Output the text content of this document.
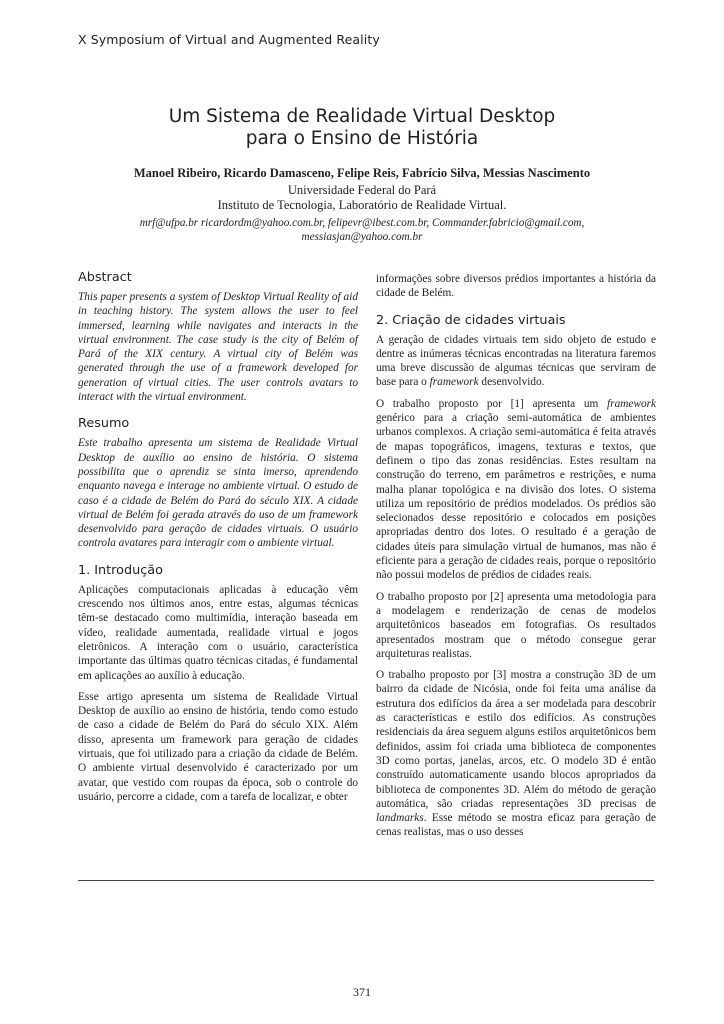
X Symposium of Virtual and Augmented Reality
Um Sistema de Realidade Virtual Desktop
para o Ensino de História
Manoel Ribeiro, Ricardo Damasceno, Felipe Reis, Fabrício Silva, Messias Nascimento
Universidade Federal do Pará
Instituto de Tecnologia, Laboratório de Realidade Virtual.
mrf@ufpa.br ricardordm@yahoo.com.br, felipevr@ibest.com.br, Commander.fabricio@gmail.com, messiasjan@yahoo.com.br
Abstract

This paper presents a system of Desktop Virtual Reality of aid in teaching history. The system allows the user to feel immersed, learning while navigates and interacts in the virtual environment. The case study is the city of Belém of Pará of the XIX century. A virtual city of Belém was generated through the use of a framework developed for generation of virtual cities. The user controls avatars to interact with the virtual environment.

Resumo

Este trabalho apresenta um sistema de Realidade Virtual Desktop de auxílio ao ensino de história. O sistema possibilita que o aprendiz se sinta imerso, aprendendo enquanto navega e interage no ambiente virtual. O estudo de caso é a cidade de Belém do Pará do século XIX. A cidade virtual de Belém foi gerada através do uso de um framework desenvolvido para geração de cidades virtuais. O usuário controla avatares para interagir com o ambiente virtual.

1. Introdução

Aplicações computacionais aplicadas à educação vêm crescendo nos últimos anos, entre estas, algumas técnicas têm-se destacado como multimídia, interação baseada em vídeo, realidade aumentada, realidade virtual e jogos eletrônicos. A interação com o usuário, característica importante das últimas quatro técnicas citadas, é fundamental em aplicações ao auxílio à educação.

Esse artigo apresenta um sistema de Realidade Virtual Desktop de auxílio ao ensino de história, tendo como estudo de caso a cidade de Belém do Pará do século XIX. Além disso, apresenta um framework para geração de cidades virtuais, que foi utilizado para a criação da cidade de Belém. O ambiente virtual desenvolvido é caracterizado por um avatar, que vestido com roupas da época, sob o controle do usuário, percorre a cidade, com a tarefa de localizar, e obter

informações sobre diversos prédios importantes a história da cidade de Belém.

2. Criação de cidades virtuais

A geração de cidades virtuais tem sido objeto de estudo e dentre as inúmeras técnicas encontradas na literatura faremos uma breve discussão de algumas técnicas que serviram de base para o framework desenvolvido.

O trabalho proposto por [1] apresenta um framework genérico para a criação semi-automática de ambientes urbanos complexos. A criação semi-automática é feita através de mapas topográficos, imagens, texturas e textos, que definem o tipo das zonas residências. Estes resultam na construção do terreno, em parâmetros e restrições, e numa malha planar topológica e na divisão dos lotes. O sistema utiliza um repositório de prédios modelados. Os prédios são selecionados desse repositório e colocados em posições apropriadas dentro dos lotes. O resultado é a geração de cidades úteis para simulação virtual de humanos, mas não é eficiente para a geração de cidades reais, porque o repositório não possui modelos de prédios de cidades reais.

O trabalho proposto por [2] apresenta uma metodologia para a modelagem e renderização de cenas de modelos arquitetônicos baseados em fotografias. Os resultados apresentados mostram que o método consegue gerar arquiteturas realistas.

O trabalho proposto por [3] mostra a construção 3D de um bairro da cidade de Nicósia, onde foi feita uma análise da estrutura dos edifícios da área a ser modelada para descobrir as características e estilo dos edifícios. As construções residenciais da área seguem alguns estilos arquitetônicos bem definidos, assim foi criada uma biblioteca de componentes 3D como portas, janelas, arcos, etc. O modelo 3D é então construído automaticamente usando blocos apropriados da biblioteca de componentes 3D. Além do método de geração automática, são criadas representações 3D precisas de landmarks. Esse método se mostra eficaz para geração de cenas realistas, mas o uso desses

371
